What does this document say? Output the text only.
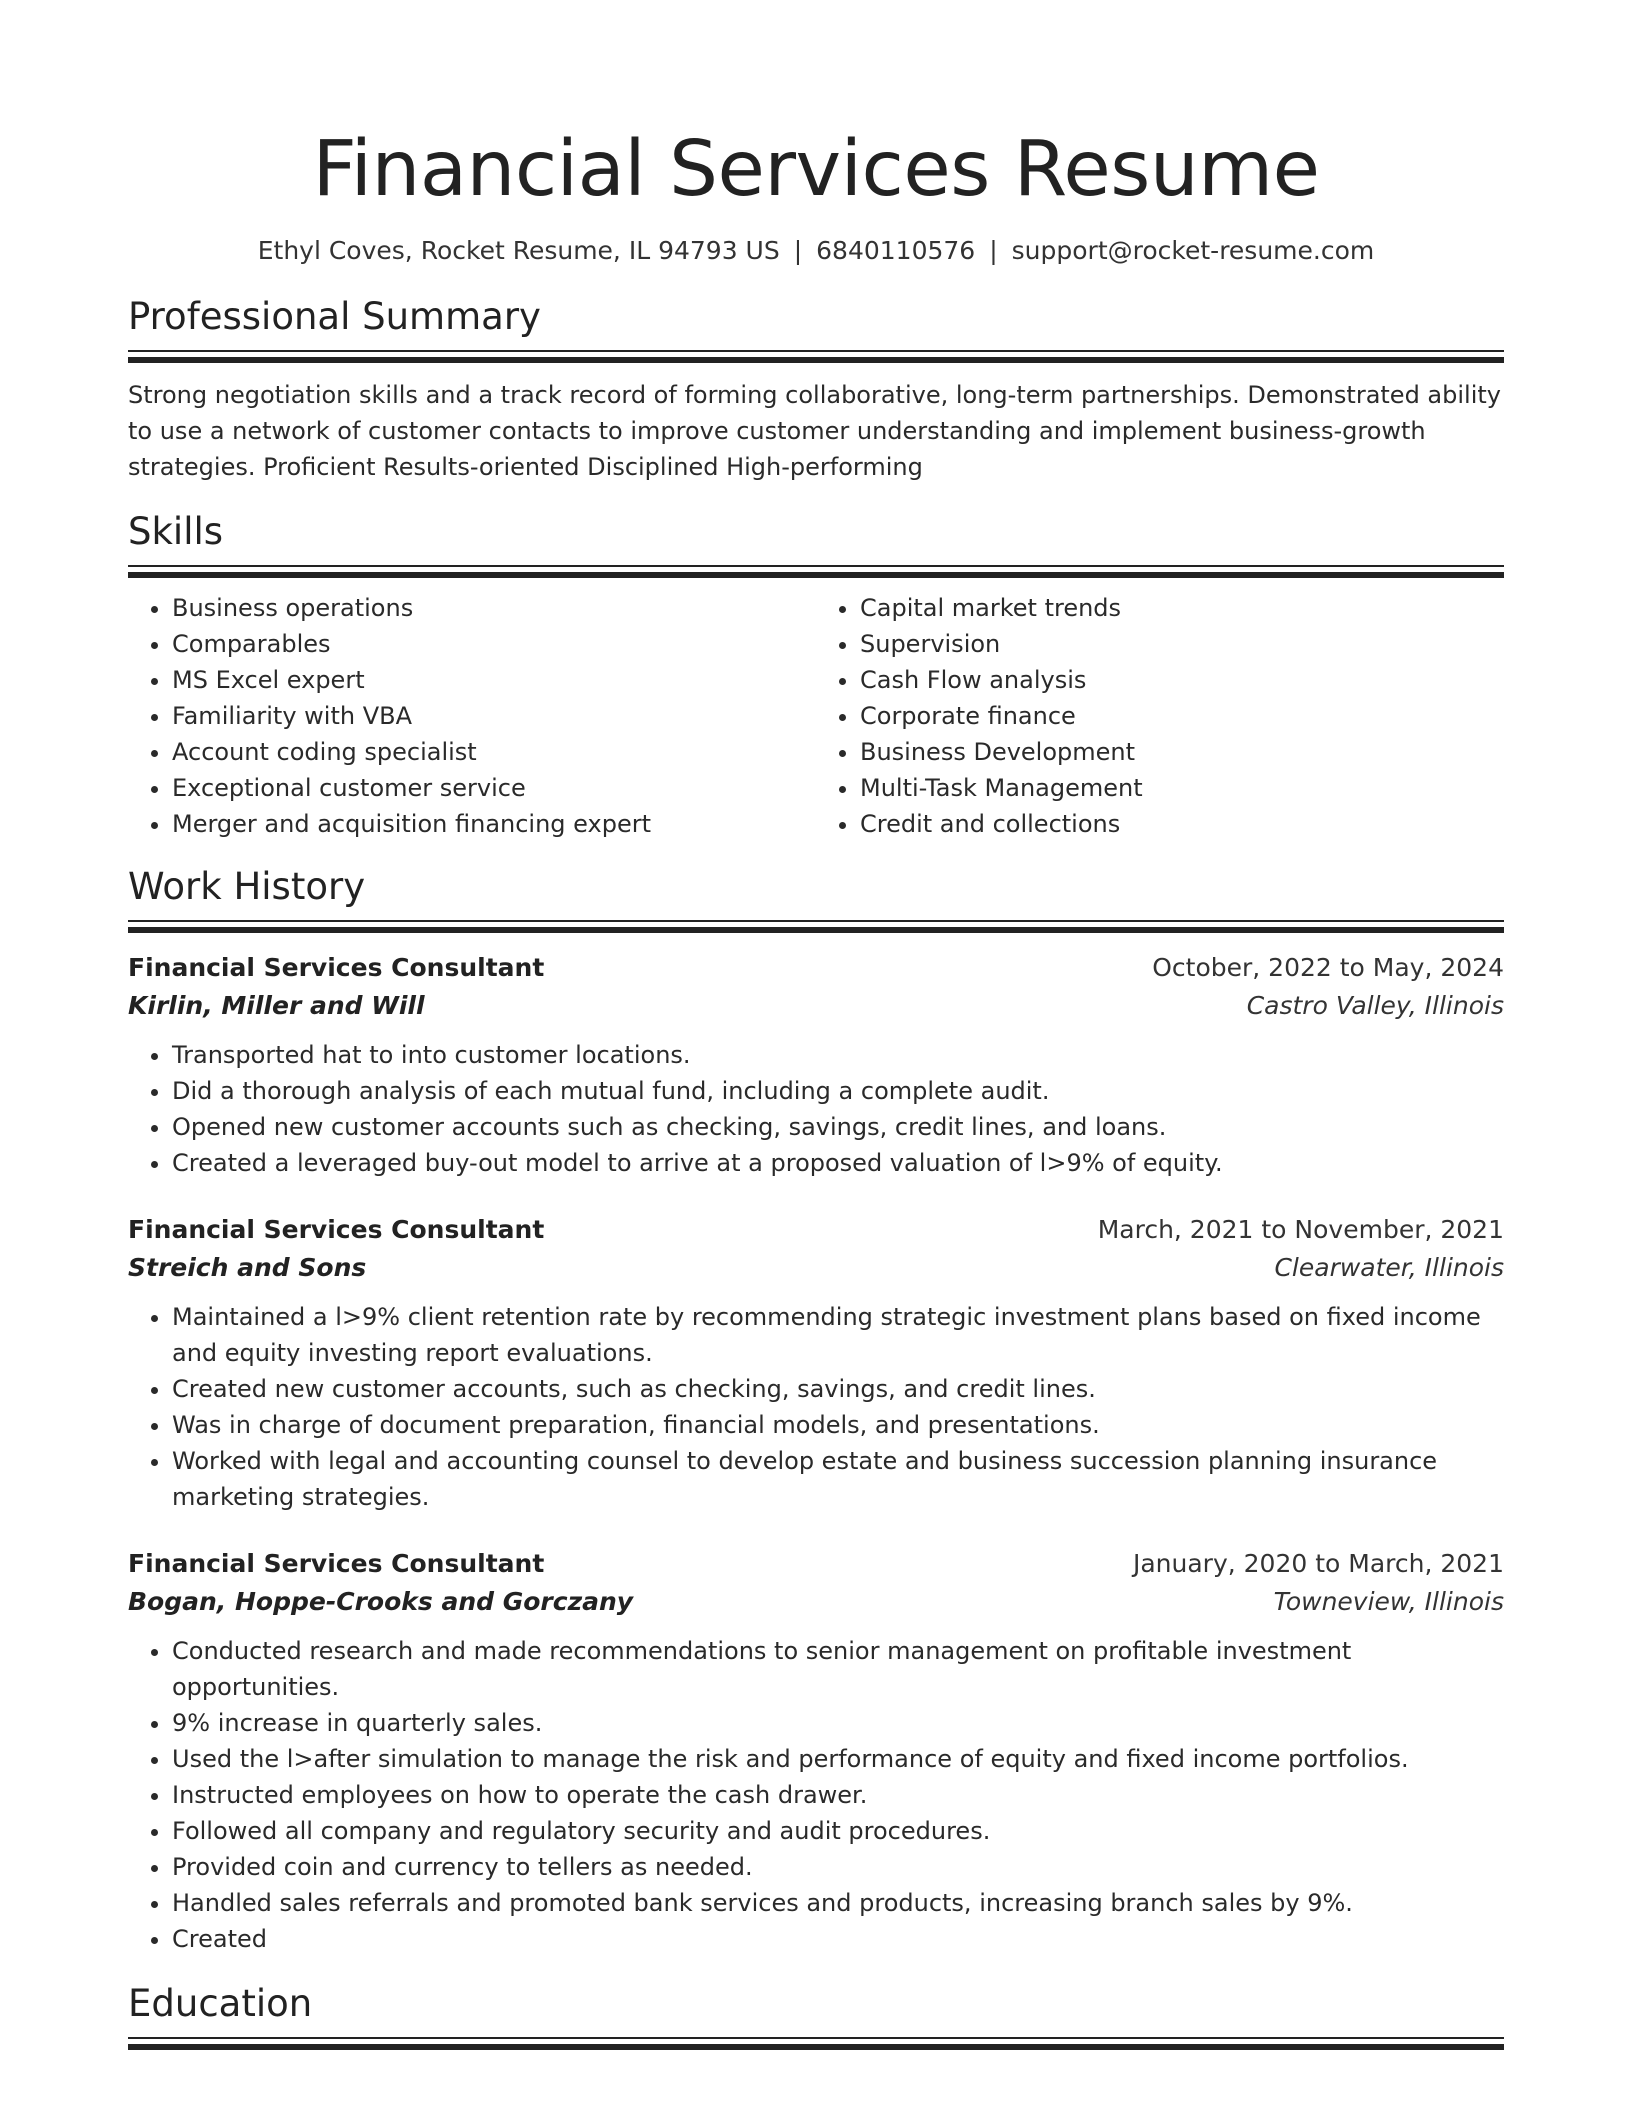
Financial Services Resume
Ethyl Coves, Rocket Resume, IL 94793 US | 6840110576 | support@rocket-resume.com
Professional Summary

Strong negotiation skills and a track record of forming collaborative, long-term partnerships. Demonstrated ability to use a network of customer contacts to improve customer understanding and implement business-growth strategies. Proficient Results-oriented Disciplined High-performing

Skills
• Business operations
• Comparables
• MS Excel expert
• Familiarity with VBA
• Account coding specialist
• Exceptional customer service
• Merger and acquisition financing expert
• Capital market trends
• Supervision
• Cash Flow analysis
• Corporate finance
• Business Development
• Multi-Task Management
• Credit and collections
Work History
Financial Services Consultant	October, 2022 to May, 2024
Kirlin, Miller and Will	Castro Valley, Illinois
• Transported hat to into customer locations.
• Did a thorough analysis of each mutual fund, including a complete audit.
• Opened new customer accounts such as checking, savings, credit lines, and loans.
• Created a leveraged buy-out model to arrive at a proposed valuation of l>9% of equity.
Financial Services Consultant	March, 2021 to November, 2021
Streich and Sons	Clearwater, Illinois
• Maintained a l>9% client retention rate by recommending strategic investment plans based on fixed income and equity investing report evaluations.
• Created new customer accounts, such as checking, savings, and credit lines.
• Was in charge of document preparation, financial models, and presentations.
• Worked with legal and accounting counsel to develop estate and business succession planning insurance marketing strategies.
Financial Services Consultant	January, 2020 to March, 2021
Bogan, Hoppe-Crooks and Gorczany	Towneview, Illinois
• Conducted research and made recommendations to senior management on profitable investment opportunities.
• 9% increase in quarterly sales.
• Used the l>after simulation to manage the risk and performance of equity and fixed income portfolios.
• Instructed employees on how to operate the cash drawer.
• Followed all company and regulatory security and audit procedures.
• Provided coin and currency to tellers as needed.
• Handled sales referrals and promoted bank services and products, increasing branch sales by 9%.
• Created
Education
